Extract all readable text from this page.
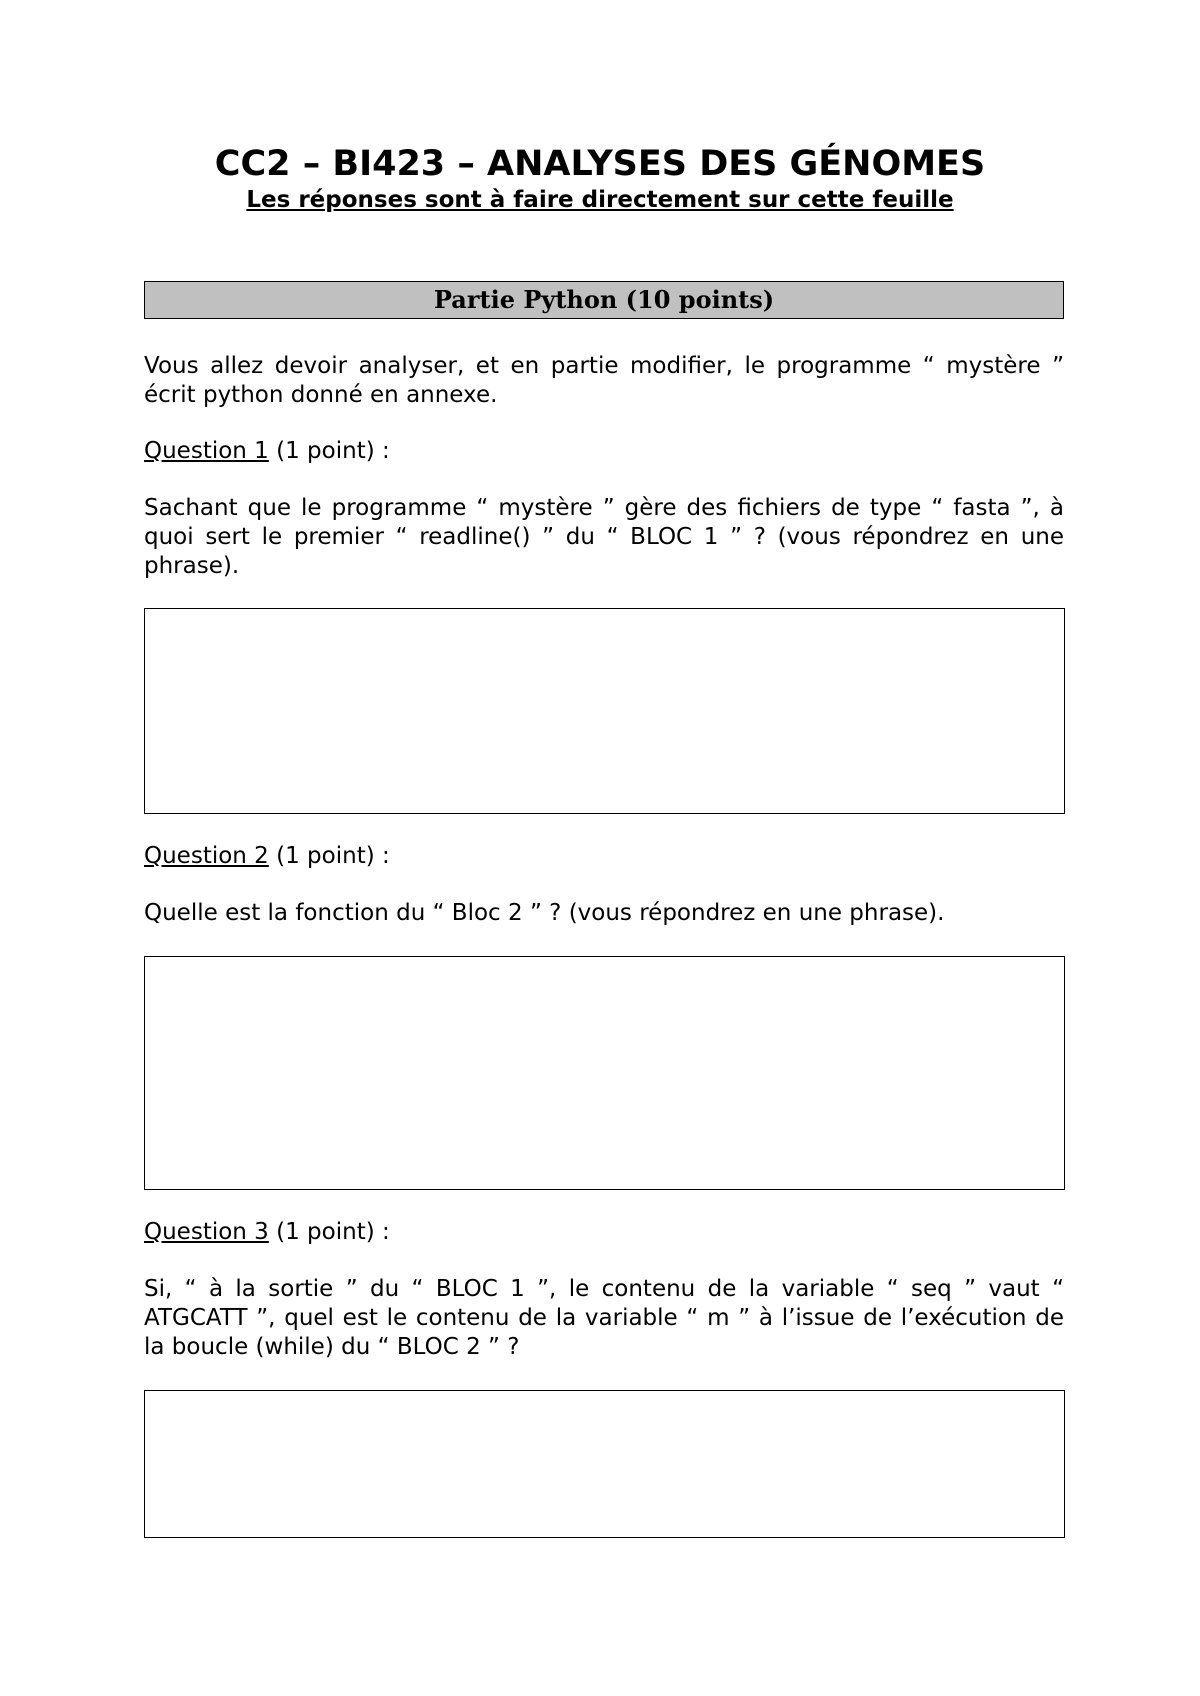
CC2 – BI423 – ANALYSES DES GÉNOMES
Les réponses sont à faire directement sur cette feuille
Partie Python (10 points)

Vous allez devoir analyser, et en partie modifier, le programme “ mystère ” écrit python donné en annexe.

Question 1 (1 point) :

Sachant que le programme “ mystère ” gère des fichiers de type “ fasta ”, à quoi sert le premier “ readline() ” du “ BLOC 1 ” ? (vous répondrez en une phrase).

Question 2 (1 point) :

Quelle est la fonction du “ Bloc 2 ” ? (vous répondrez en une phrase).

Question 3 (1 point) :

Si, “ à la sortie ” du “ BLOC 1 ”, le contenu de la variable “ seq ” vaut “ ATGCATT ”, quel est le contenu de la variable “ m ” à l’issue de l’exécution de la boucle (while) du “ BLOC 2 ” ?
